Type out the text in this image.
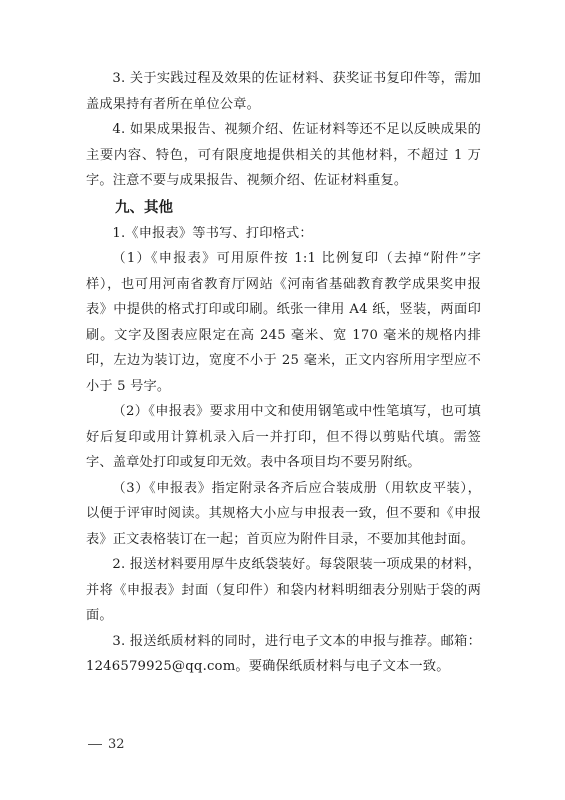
3. 关于实践过程及效果的佐证材料、获奖证书复印件等，需加盖成果持有者所在单位公章。

4. 如果成果报告、视频介绍、佐证材料等还不足以反映成果的主要内容、特色，可有限度地提供相关的其他材料，不超过 1 万字。注意不要与成果报告、视频介绍、佐证材料重复。

九、其他

1.《申报表》等书写、打印格式：

（1）《申报表》可用原件按 1:1 比例复印（去掉“附件”字样），也可用河南省教育厅网站《河南省基础教育教学成果奖申报表》中提供的格式打印或印刷。纸张一律用 A4 纸，竖装，两面印刷。文字及图表应限定在高 245 毫米、宽 170 毫米的规格内排印，左边为装订边，宽度不小于 25 毫米，正文内容所用字型应不小于 5 号字。

（2）《申报表》要求用中文和使用钢笔或中性笔填写，也可填好后复印或用计算机录入后一并打印，但不得以剪贴代填。需签字、盖章处打印或复印无效。表中各项目均不要另附纸。

（3）《申报表》指定附录各齐后应合装成册（用软皮平装），以便于评审时阅读。其规格大小应与申报表一致，但不要和《申报表》正文表格装订在一起；首页应为附件目录，不要加其他封面。

2. 报送材料要用厚牛皮纸袋装好。每袋限装一项成果的材料，并将《申报表》封面（复印件）和袋内材料明细表分别贴于袋的两面。

3. 报送纸质材料的同时，进行电子文本的申报与推荐。邮箱：1246579925@qq.com。要确保纸质材料与电子文本一致。

32
